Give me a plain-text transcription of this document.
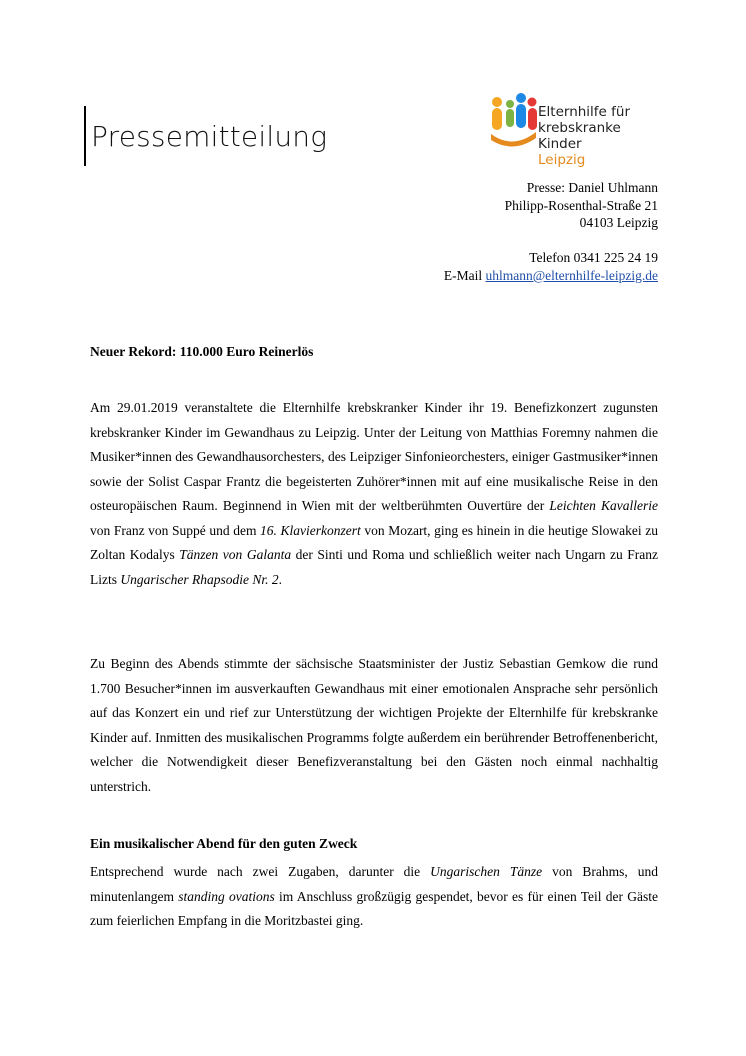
Pressemitteilung
Elternhilfe für
krebskranke Kinder
Leipzig
Presse: Daniel Uhlmann
Philipp-Rosenthal-Straße 21
04103 Leipzig
Telefon 0341 225 24 19
E-Mail uhlmann@elternhilfe-leipzig.de
Neuer Rekord: 110.000 Euro Reinerlös

Am 29.01.2019 veranstaltete die Elternhilfe krebskranker Kinder ihr 19. Benefizkonzert zugunsten krebskranker Kinder im Gewandhaus zu Leipzig. Unter der Leitung von Matthias Foremny nahmen die Musiker*innen des Gewandhausorchesters, des Leipziger Sinfonieorchesters, einiger Gastmusiker*innen sowie der Solist Caspar Frantz die begeisterten Zuhörer*innen mit auf eine musikalische Reise in den osteuropäischen Raum. Beginnend in Wien mit der weltberühmten Ouvertüre der Leichten Kavallerie von Franz von Suppé und dem 16. Klavierkonzert von Mozart, ging es hinein in die heutige Slowakei zu Zoltan Kodalys Tänzen von Galanta der Sinti und Roma und schließlich weiter nach Ungarn zu Franz Lizts Ungarischer Rhapsodie Nr. 2.

Zu Beginn des Abends stimmte der sächsische Staatsminister der Justiz Sebastian Gemkow die rund 1.700 Besucher*innen im ausverkauften Gewandhaus mit einer emotionalen Ansprache sehr persönlich auf das Konzert ein und rief zur Unterstützung der wichtigen Projekte der Elternhilfe für krebskranke Kinder auf. Inmitten des musikalischen Programms folgte außerdem ein berührender Betroffenenbericht, welcher die Notwendigkeit dieser Benefizveranstaltung bei den Gästen noch einmal nachhaltig unterstrich.

Ein musikalischer Abend für den guten Zweck

Entsprechend wurde nach zwei Zugaben, darunter die Ungarischen Tänze von Brahms, und minutenlangem standing ovations im Anschluss großzügig gespendet, bevor es für einen Teil der Gäste zum feierlichen Empfang in die Moritzbastei ging.
